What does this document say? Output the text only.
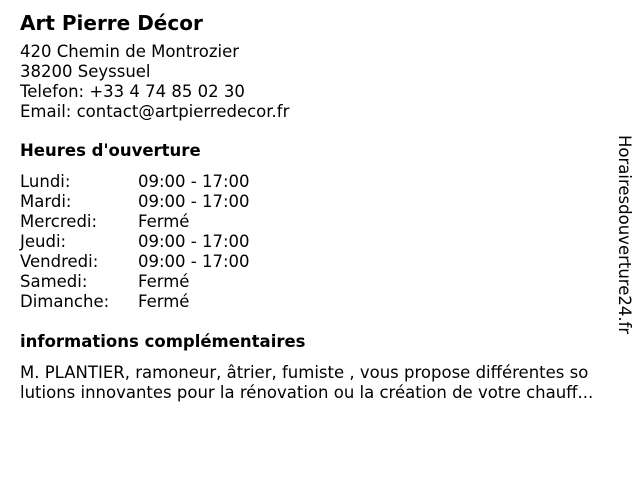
Art Pierre Décor
420 Chemin de Montrozier
38200 Seyssuel
Telefon: +33 4 74 85 02 30
Email: contact@artpierredecor.fr
Heures d'ouverture
Lundi:	09:00 - 17:00
Mardi:	09:00 - 17:00
Mercredi:	Fermé
Jeudi:	09:00 - 17:00
Vendredi:	09:00 - 17:00
Samedi:	Fermé
Dimanche:	Fermé
informations complémentaires
M. PLANTIER, ramoneur, âtrier, fumiste , vous propose différentes so
lutions innovantes pour la rénovation ou la création de votre chauff...
Horairesdouverture24.fr
